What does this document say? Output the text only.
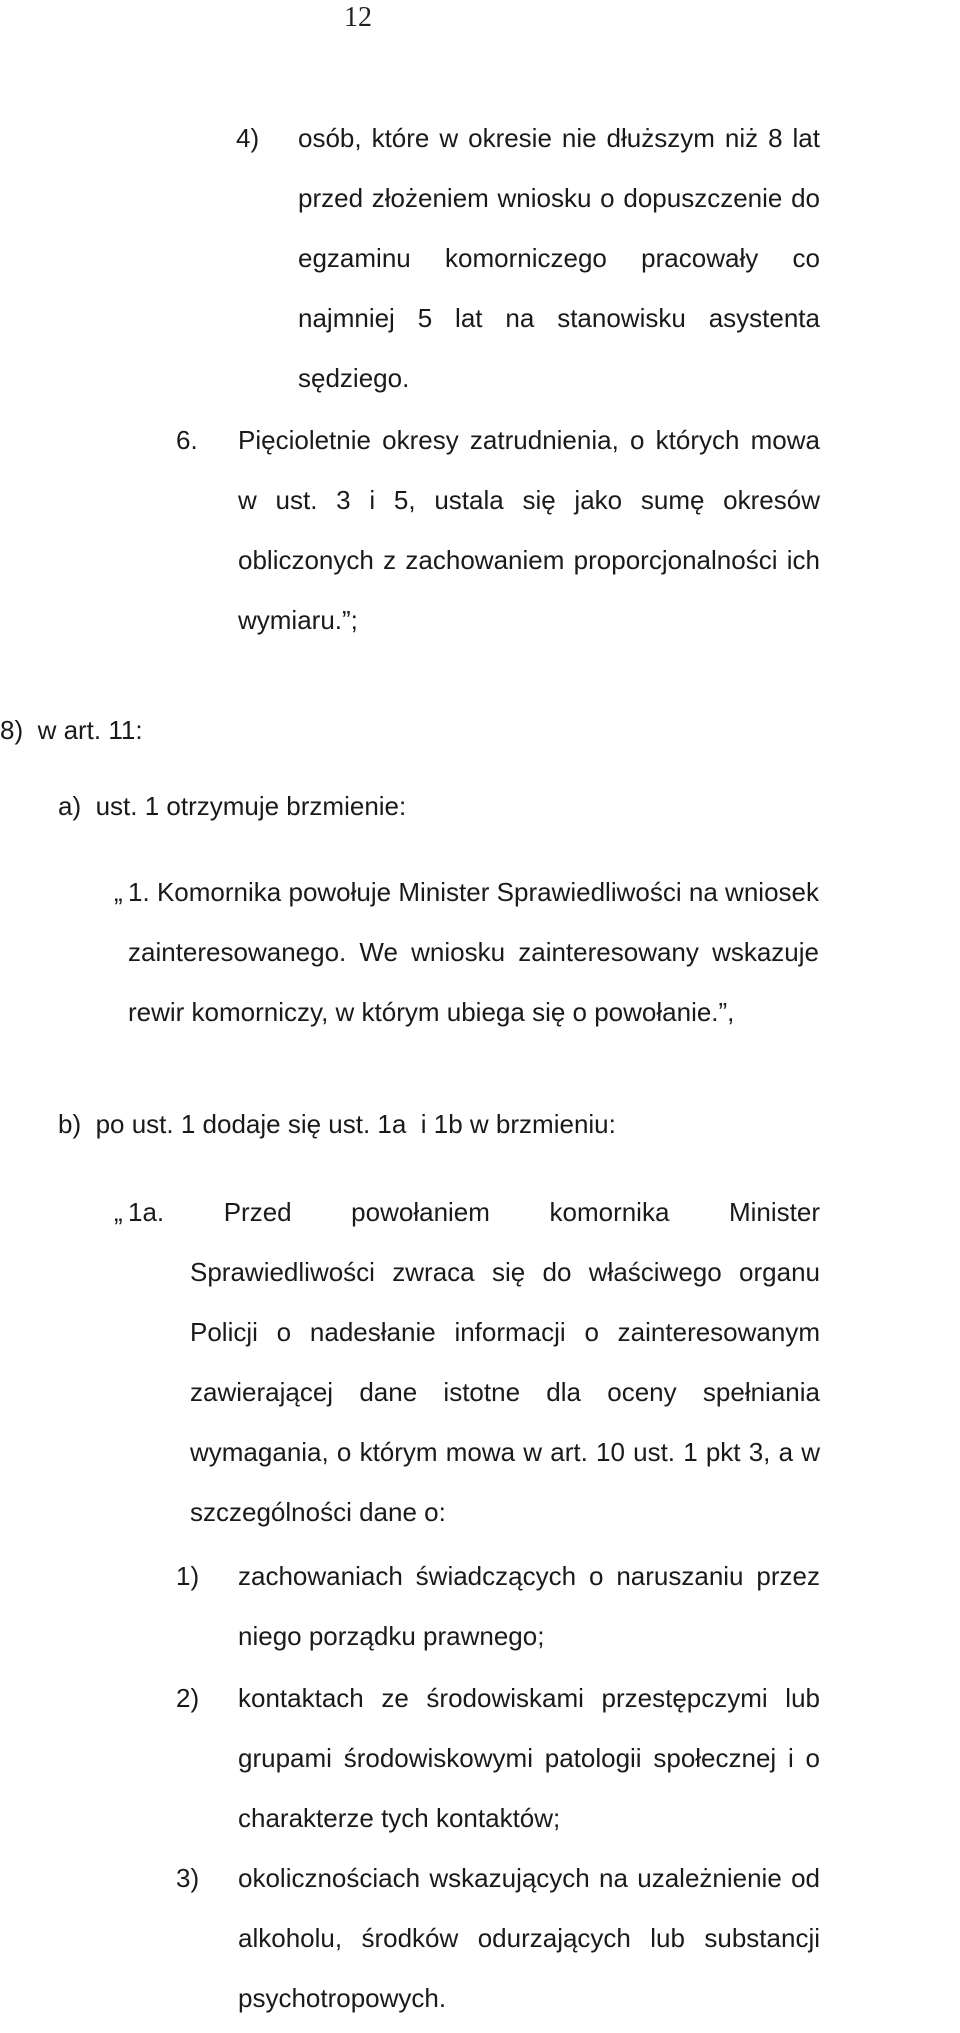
12
4)	osób, które w okresie nie dłuższym niż 8 lat przed złożeniem wniosku o dopuszczenie do egzaminu komorniczego pracowały co najmniej 5 lat na stanowisku asystenta sędziego.
6.	Pięcioletnie okresy zatrudnienia, o których mowa w ust. 3 i 5, ustala się jako sumę okresów obliczonych z zachowaniem proporcjonalności ich wymiaru.”;
8)  w art. 11:
a)  ust. 1 otrzymuje brzmienie:
„ 1. Komornika powołuje Minister Sprawiedliwości na wniosek zainteresowanego. We wniosku zainteresowany wskazuje rewir komorniczy, w którym ubiega się o powołanie.”,
b)  po ust. 1 dodaje się ust. 1a  i 1b w brzmieniu:
„ 1a. Przed powołaniem komornika Minister
Sprawiedliwości zwraca się do właściwego organu Policji o nadesłanie informacji o zainteresowanym zawierającej dane istotne dla oceny spełniania wymagania, o którym mowa w art. 10 ust. 1 pkt 3, a w szczególności dane o:
1)	zachowaniach świadczących o naruszaniu przez niego porządku prawnego;
2)	kontaktach ze środowiskami przestępczymi lub grupami środowiskowymi patologii społecznej i o charakterze tych kontaktów;
3)	okolicznościach wskazujących na uzależnienie od alkoholu, środków odurzających lub substancji psychotropowych.
